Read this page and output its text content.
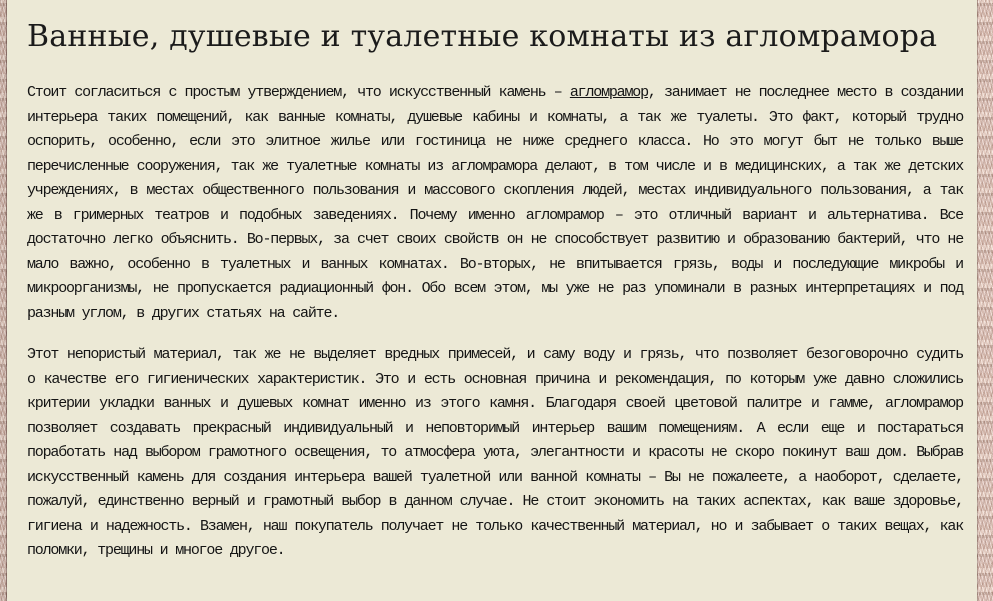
Ванные, душевые и туалетные комнаты из агломрамора

Стоит согласиться с простым утверждением, что искусственный камень – агломрамор, занимает не последнее место в создании интерьера таких помещений, как ванные комнаты, душевые кабины и комнаты, а так же туалеты. Это факт, который трудно оспорить, особенно, если это элитное жилье или гостиница не ниже среднего класса. Но это могут быт не только выше перечисленные сооружения, так же туалетные комнаты из агломрамора делают, в том числе и в медицинских, а так же детских учреждениях, в местах общественного пользования и массового скопления людей, местах индивидуального пользования, а так же в гримерных театров и подобных заведениях. Почему именно агломрамор – это отличный вариант и альтернатива. Все достаточно легко объяснить. Во-первых, за счет своих свойств он не способствует развитию и образованию бактерий, что не мало важно, особенно в туалетных и ванных комнатах. Во-вторых, не впитывается грязь, воды и последующие микробы и микроорганизмы, не пропускается радиационный фон. Обо всем этом, мы уже не раз упоминали в разных интерпретациях и под разным углом, в других статьях на сайте.

Этот непористый материал, так же не выделяет вредных примесей, и саму воду и грязь, что позволяет безоговорочно судить о качестве его гигиенических характеристик. Это и есть основная причина и рекомендация, по которым уже давно сложились критерии укладки ванных и душевых комнат именно из этого камня. Благодаря своей цветовой палитре и гамме, агломрамор позволяет создавать прекрасный индивидуальный и неповторимый интерьер вашим помещениям. А если еще и постараться поработать над выбором грамотного освещения, то атмосфера уюта, элегантности и красоты не скоро покинут ваш дом. Выбрав искусственный камень для создания интерьера вашей туалетной или ванной комнаты – Вы не пожалеете, а наоборот, сделаете, пожалуй, единственно верный и грамотный выбор в данном случае. Не стоит экономить на таких аспектах, как ваше здоровье, гигиена и надежность. Взамен, наш покупатель получает не только качественный материал, но и забывает о таких вещах, как поломки, трещины и многое другое.
